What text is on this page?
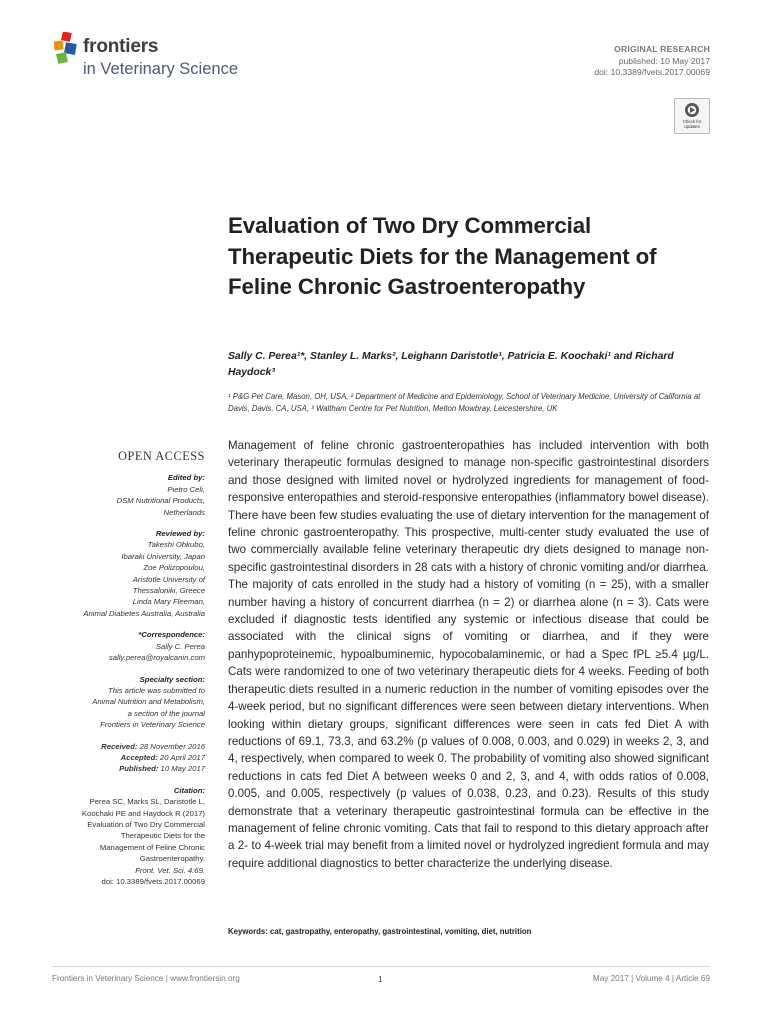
frontiers
in Veterinary Science
ORIGINAL RESEARCH
published: 10 May 2017
doi: 10.3389/fvets.2017.00069
Check for updates
Evaluation of Two Dry Commercial Therapeutic Diets for the Management of Feline Chronic Gastroenteropathy
Sally C. Perea¹*, Stanley L. Marks², Leighann Daristotle¹, Patricia E. Koochaki¹ and Richard Haydock³
¹ P&G Pet Care, Mason, OH, USA, ² Department of Medicine and Epidemiology, School of Veterinary Medicine, University of California at Davis, Davis, CA, USA, ³ Waltham Centre for Pet Nutrition, Melton Mowbray, Leicestershire, UK
OPEN ACCESS
Edited by:
Pietro Celi,
DSM Nutritional Products,
Netherlands
Reviewed by:
Takeshi Ohkubo,
Ibaraki University, Japan
Zoe Polizopoulou,
Aristotle University of
Thessaloniki, Greece
Linda Mary Fleeman,
Animal Diabetes Australia, Australia
*Correspondence:
Sally C. Perea
sally.perea@royalcanin.com
Specialty section:
This article was submitted to
Animal Nutrition and Metabolism,
a section of the journal
Frontiers in Veterinary Science
Received: 28 November 2016
Accepted: 20 April 2017
Published: 10 May 2017
Citation:
Perea SC, Marks SL, Daristotle L,
Koochaki PE and Haydock R (2017)
Evaluation of Two Dry Commercial
Therapeutic Diets for the
Management of Feline Chronic
Gastroenteropathy.
Front. Vet. Sci. 4:69.
doi: 10.3389/fvets.2017.00069

Management of feline chronic gastroenteropathies has included intervention with both veterinary therapeutic formulas designed to manage non-specific gastrointestinal disorders and those designed with limited novel or hydrolyzed ingredients for management of food-responsive enteropathies and steroid-responsive enteropathies (inflammatory bowel disease). There have been few studies evaluating the use of dietary intervention for the management of feline chronic gastroenteropathy. This prospective, multi-center study evaluated the use of two commercially available feline veterinary therapeutic dry diets designed to manage non-specific gastrointestinal disorders in 28 cats with a history of chronic vomiting and/or diarrhea. The majority of cats enrolled in the study had a history of vomiting (n = 25), with a smaller number having a history of concurrent diarrhea (n = 2) or diarrhea alone (n = 3). Cats were excluded if diagnostic tests identified any systemic or infectious disease that could be associated with the clinical signs of vomiting or diarrhea, and if they were panhypoproteinemic, hypoalbuminemic, hypocobalaminemic, or had a Spec fPL ≥5.4 µg/L. Cats were randomized to one of two veterinary therapeutic diets for 4 weeks. Feeding of both therapeutic diets resulted in a numeric reduction in the number of vomiting episodes over the 4-week period, but no significant differences were seen between dietary interventions. When looking within dietary groups, significant differences were seen in cats fed Diet A with reductions of 69.1, 73.3, and 63.2% (p values of 0.008, 0.003, and 0.029) in weeks 2, 3, and 4, respectively, when compared to week 0. The probability of vomiting also showed significant reductions in cats fed Diet A between weeks 0 and 2, 3, and 4, with odds ratios of 0.008, 0.005, and 0.005, respectively (p values of 0.038, 0.23, and 0.23). Results of this study demonstrate that a veterinary therapeutic gastrointestinal formula can be effective in the management of feline chronic vomiting. Cats that fail to respond to this dietary approach after a 2- to 4-week trial may benefit from a limited novel or hydrolyzed ingredient formula and may require additional diagnostics to better characterize the underlying disease.

Keywords: cat, gastropathy, enteropathy, gastrointestinal, vomiting, diet, nutrition
Frontiers in Veterinary Science | www.frontiersin.org	1	May 2017 | Volume 4 | Article 69
